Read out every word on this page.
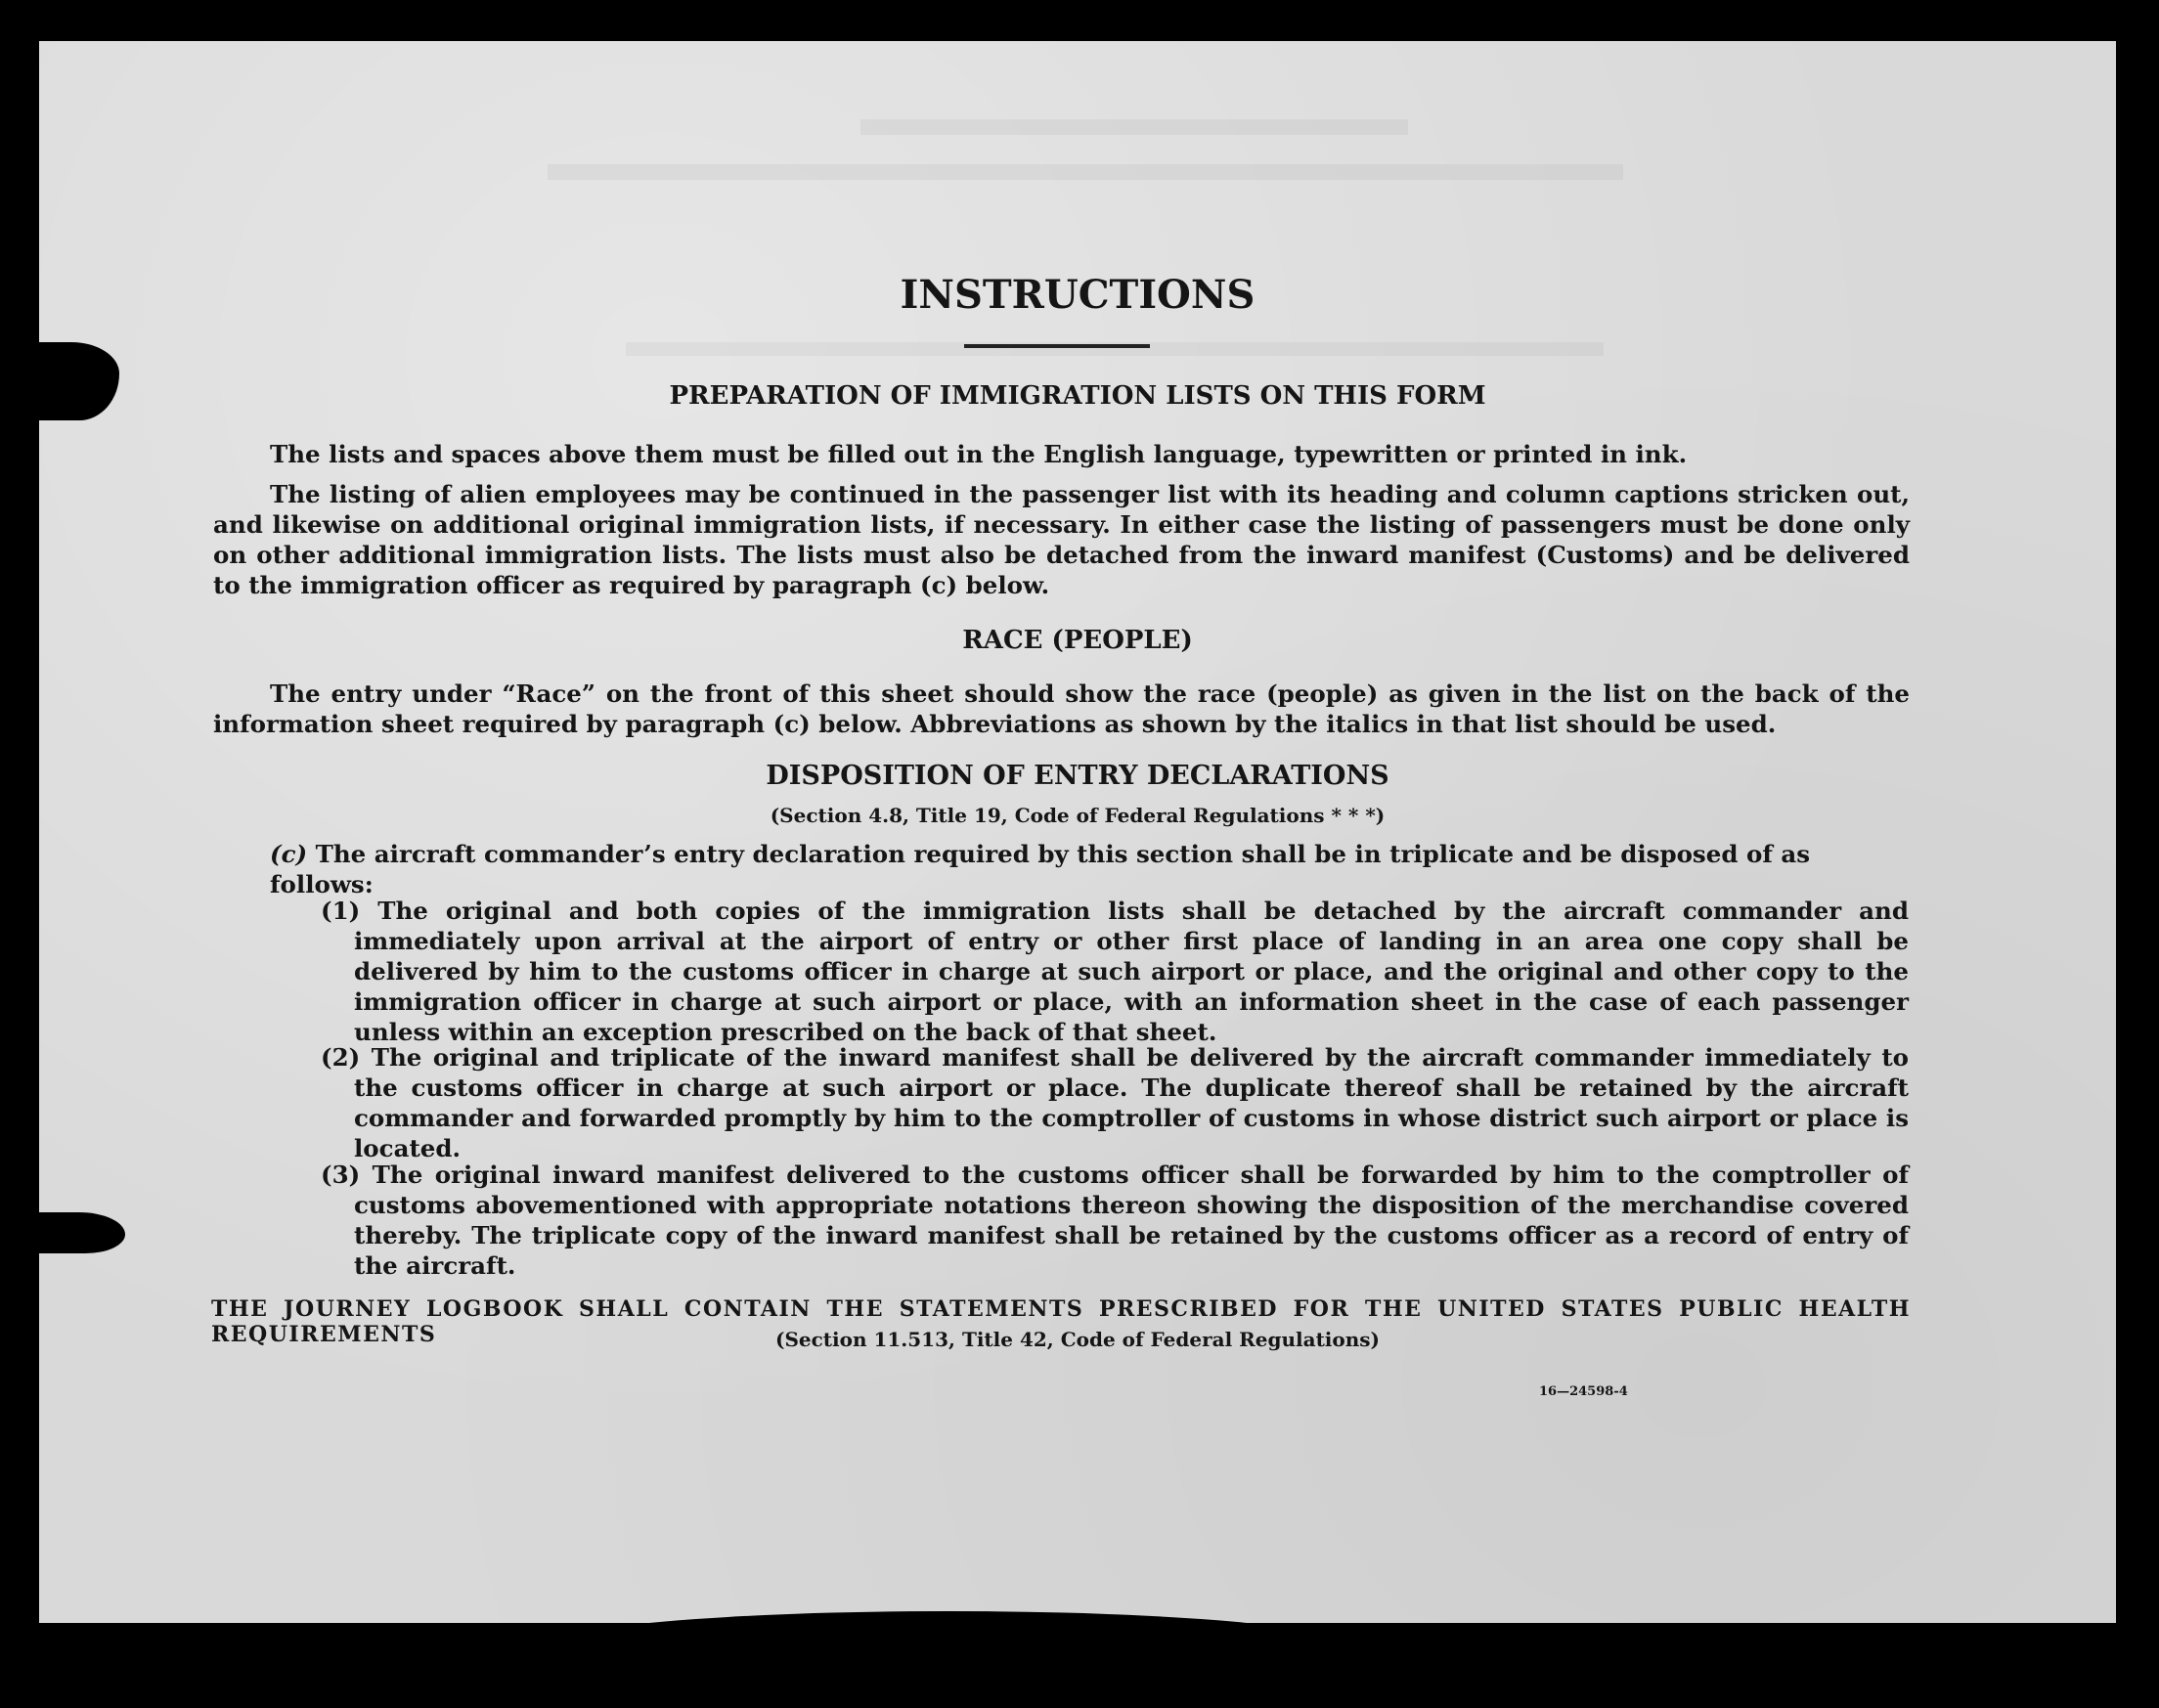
INSTRUCTIONS
PREPARATION OF IMMIGRATION LISTS ON THIS FORM
The lists and spaces above them must be filled out in the English language, typewritten or printed in ink.
The listing of alien employees may be continued in the passenger list with its heading and column captions stricken out, and likewise on additional original immigration lists, if necessary. In either case the listing of passengers must be done only on other additional immigration lists. The lists must also be detached from the inward manifest (Customs) and be delivered to the immigration officer as required by paragraph (c) below.
RACE (PEOPLE)
The entry under “Race” on the front of this sheet should show the race (people) as given in the list on the back of the information sheet required by paragraph (c) below. Abbreviations as shown by the italics in that list should be used.
DISPOSITION OF ENTRY DECLARATIONS
(Section 4.8, Title 19, Code of Federal Regulations * * *)
(c) The aircraft commander’s entry declaration required by this section shall be in triplicate and be disposed of as follows:
(1) The original and both copies of the immigration lists shall be detached by the aircraft commander and immediately upon arrival at the airport of entry or other first place of landing in an area one copy shall be delivered by him to the customs officer in charge at such airport or place, and the original and other copy to the immigration officer in charge at such airport or place, with an information sheet in the case of each passenger unless within an exception prescribed on the back of that sheet.
(2) The original and triplicate of the inward manifest shall be delivered by the aircraft commander immediately to the customs officer in charge at such airport or place. The duplicate thereof shall be retained by the aircraft commander and forwarded promptly by him to the comptroller of customs in whose district such airport or place is located.
(3) The original inward manifest delivered to the customs officer shall be forwarded by him to the comptroller of customs abovementioned with appropriate notations thereon showing the disposition of the merchandise covered thereby. The triplicate copy of the inward manifest shall be retained by the customs officer as a record of entry of the aircraft.
THE JOURNEY LOGBOOK SHALL CONTAIN THE STATEMENTS PRESCRIBED FOR THE UNITED STATES PUBLIC HEALTH REQUIREMENTS	(Section 11.513, Title 42, Code of Federal Regulations)
16—24598-4
